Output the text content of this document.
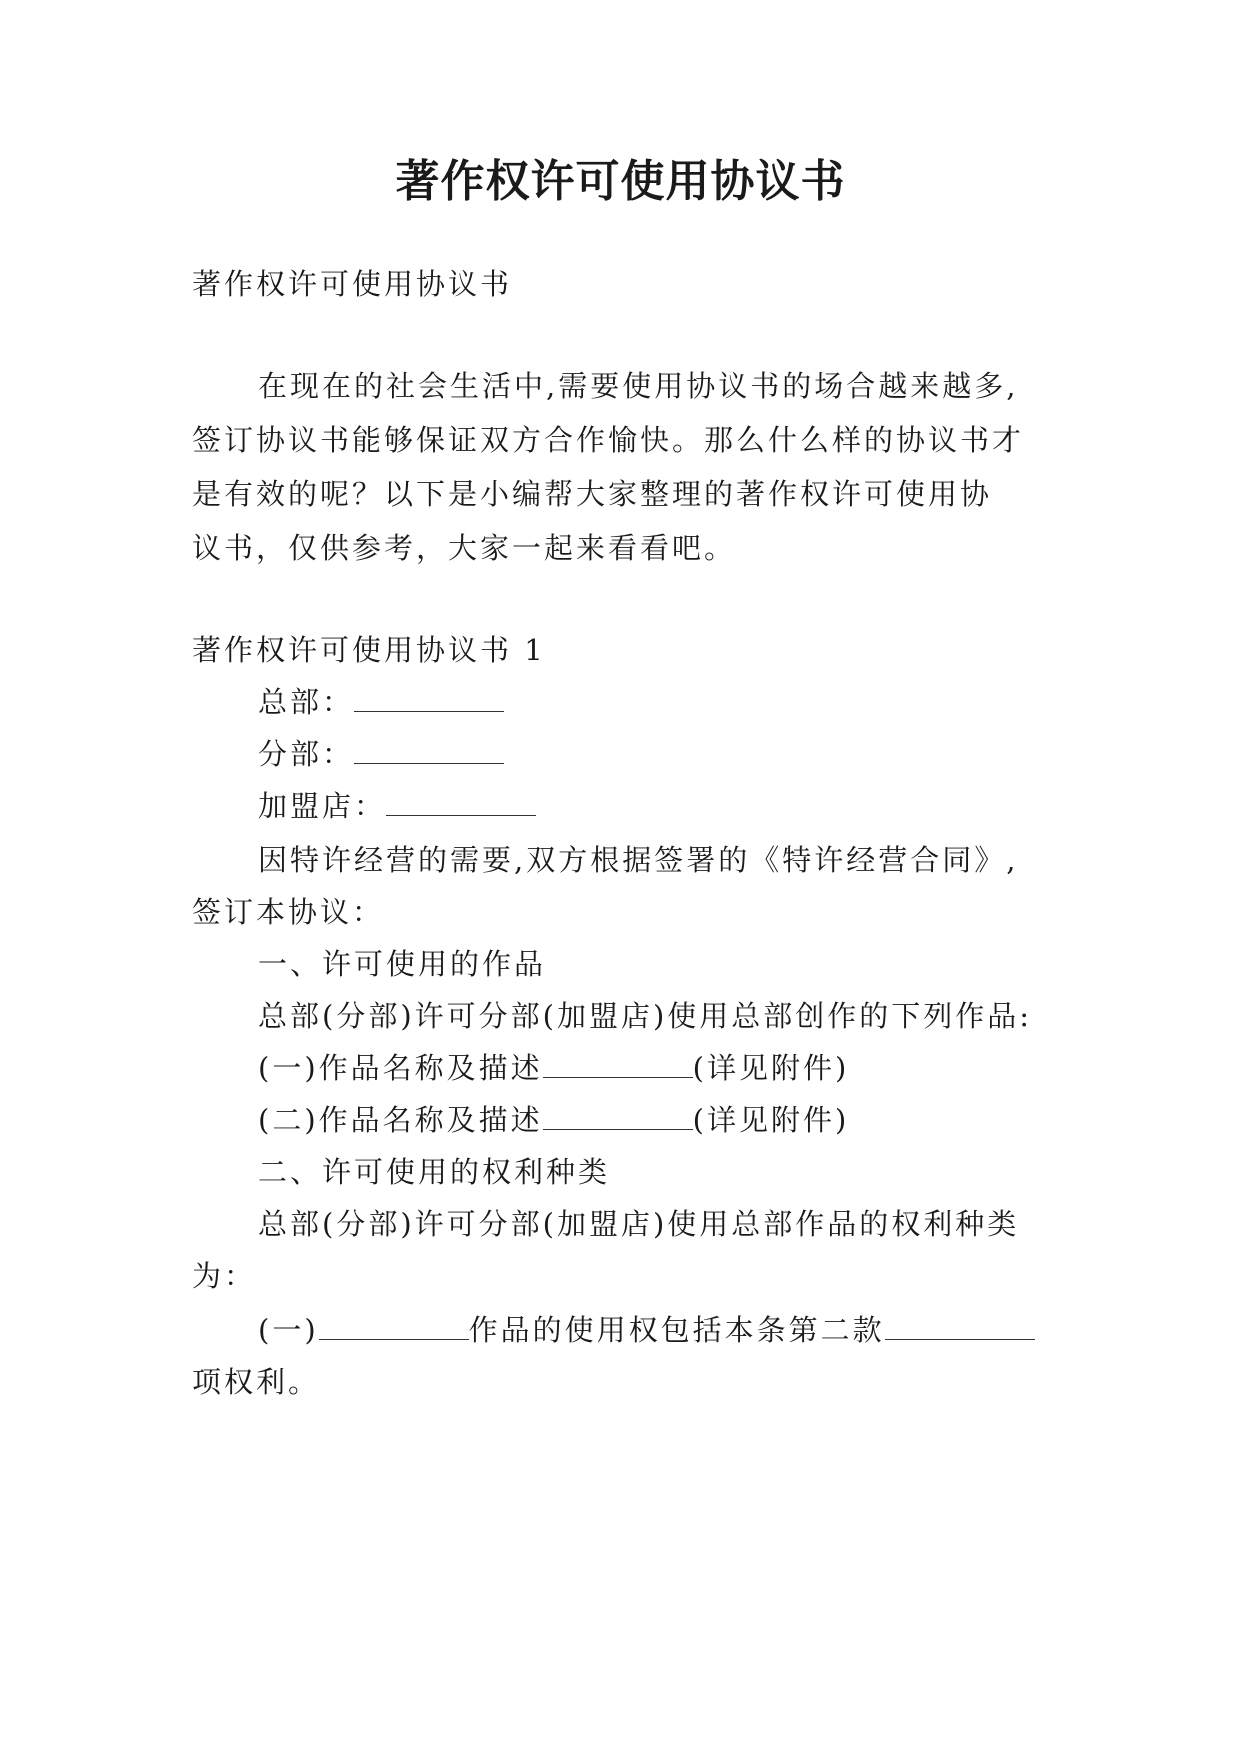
著作权许可使用协议书
著作权许可使用协议书
在现在的社会生活中,需要使用协议书的场合越来越多,
签订协议书能够保证双方合作愉快。那么什么样的协议书才
是有效的呢？以下是小编帮大家整理的著作权许可使用协
议书，仅供参考，大家一起来看看吧。
著作权许可使用协议书 1
总部：
分部：
加盟店：
因特许经营的需要,双方根据签署的《特许经营合同》,
签订本协议：
一、许可使用的作品
总部(分部)许可分部(加盟店)使用总部创作的下列作品:
(一)作品名称及描述	(详见附件)
(二)作品名称及描述	(详见附件)
二、许可使用的权利种类
总部(分部)许可分部(加盟店)使用总部作品的权利种类
为：
(一)	作品的使用权包括本条第二款
项权利。
